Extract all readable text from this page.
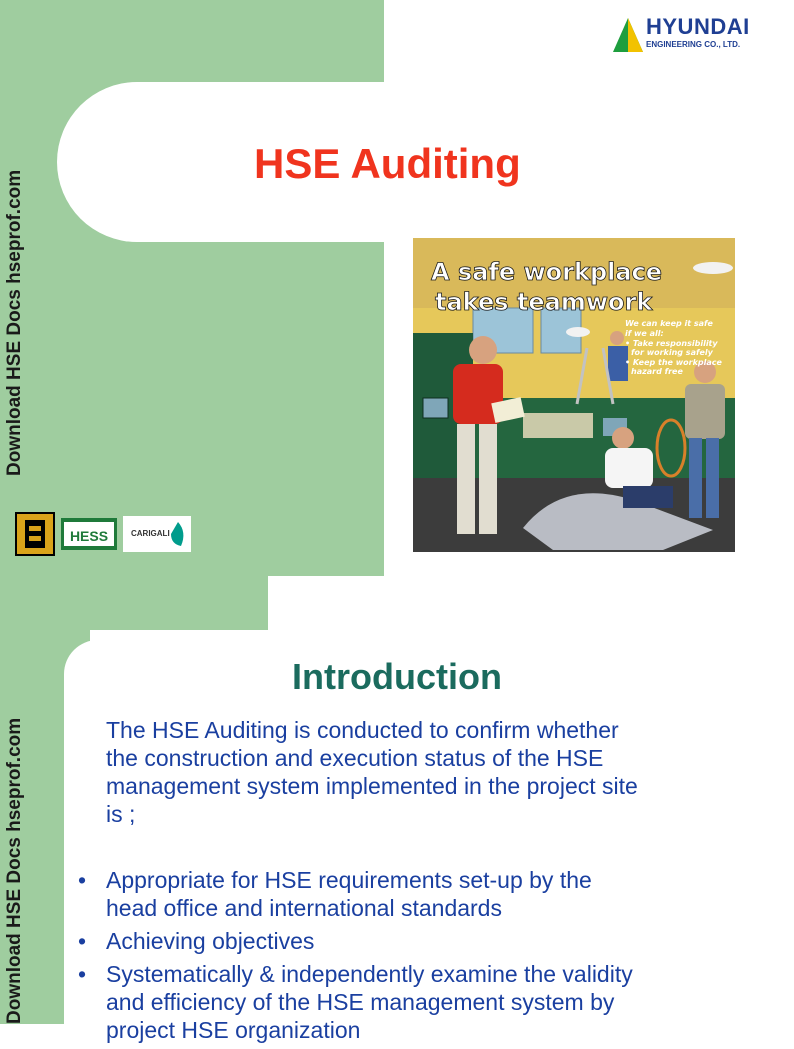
Download HSE Docs hseprof.com
HYUNDAI
ENGINEERING CO., LTD.
HSE Auditing
A safe workplace
takes teamwork
We can keep it safe
if we all:
• Take responsibility
for working safely
• Keep the workplace
hazard free
HESS	CARIGALI
Download HSE Docs hseprof.com
Introduction
The HSE Auditing is conducted to confirm whether
the construction and execution status of the HSE
management system implemented in the project site
is ;
• Appropriate for HSE requirements set-up by the
head office and international standards
• Achieving objectives
• Systematically & independently examine the validity
and efficiency of the HSE management system by
project HSE organization
